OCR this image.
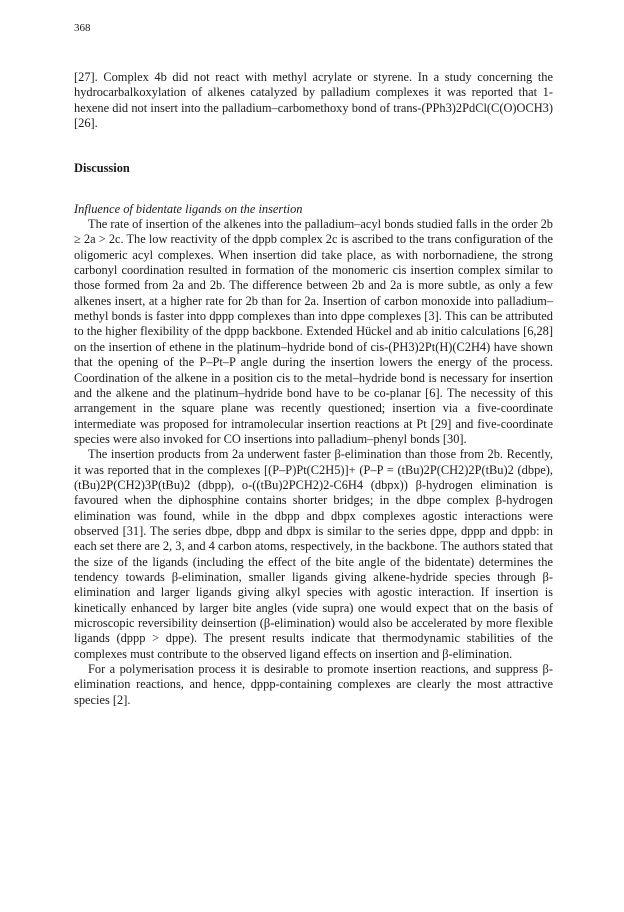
368

[27]. Complex 4b did not react with methyl acrylate or styrene. In a study concerning the hydrocarbalkoxylation of alkenes catalyzed by palladium complexes it was reported that 1-hexene did not insert into the palladium–carbomethoxy bond of trans-(PPh3)2PdCl(C(O)OCH3) [26].

Discussion

Influence of bidentate ligands on the insertion

The rate of insertion of the alkenes into the palladium–acyl bonds studied falls in the order 2b ≥ 2a > 2c. The low reactivity of the dppb complex 2c is ascribed to the trans configuration of the oligomeric acyl complexes. When insertion did take place, as with norbornadiene, the strong carbonyl coordination resulted in formation of the monomeric cis insertion complex similar to those formed from 2a and 2b. The difference between 2b and 2a is more subtle, as only a few alkenes insert, at a higher rate for 2b than for 2a. Insertion of carbon monoxide into palladium–methyl bonds is faster into dppp complexes than into dppe complexes [3]. This can be attributed to the higher flexibility of the dppp backbone. Extended Hückel and ab initio calculations [6,28] on the insertion of ethene in the platinum–hydride bond of cis-(PH3)2Pt(H)(C2H4) have shown that the opening of the P–Pt–P angle during the insertion lowers the energy of the process. Coordination of the alkene in a position cis to the metal–hydride bond is necessary for insertion and the alkene and the platinum–hydride bond have to be co-planar [6]. The necessity of this arrangement in the square plane was recently questioned; insertion via a five-coordinate intermediate was proposed for intramolecular insertion reactions at Pt [29] and five-coordinate species were also invoked for CO insertions into palladium–phenyl bonds [30].

The insertion products from 2a underwent faster β-elimination than those from 2b. Recently, it was reported that in the complexes [(P–P)Pt(C2H5)]+ (P–P = (tBu)2P(CH2)2P(tBu)2 (dbpe), (tBu)2P(CH2)3P(tBu)2 (dbpp), o-((tBu)2PCH2)2-C6H4 (dbpx)) β-hydrogen elimination is favoured when the diphosphine contains shorter bridges; in the dbpe complex β-hydrogen elimination was found, while in the dbpp and dbpx complexes agostic interactions were observed [31]. The series dbpe, dbpp and dbpx is similar to the series dppe, dppp and dppb: in each set there are 2, 3, and 4 carbon atoms, respectively, in the backbone. The authors stated that the size of the ligands (including the effect of the bite angle of the bidentate) determines the tendency towards β-elimination, smaller ligands giving alkene-hydride species through β-elimination and larger ligands giving alkyl species with agostic interaction. If insertion is kinetically enhanced by larger bite angles (vide supra) one would expect that on the basis of microscopic reversibility deinsertion (β-elimination) would also be accelerated by more flexible ligands (dppp > dppe). The present results indicate that thermodynamic stabilities of the complexes must contribute to the observed ligand effects on insertion and β-elimination.

For a polymerisation process it is desirable to promote insertion reactions, and suppress β-elimination reactions, and hence, dppp-containing complexes are clearly the most attractive species [2].
